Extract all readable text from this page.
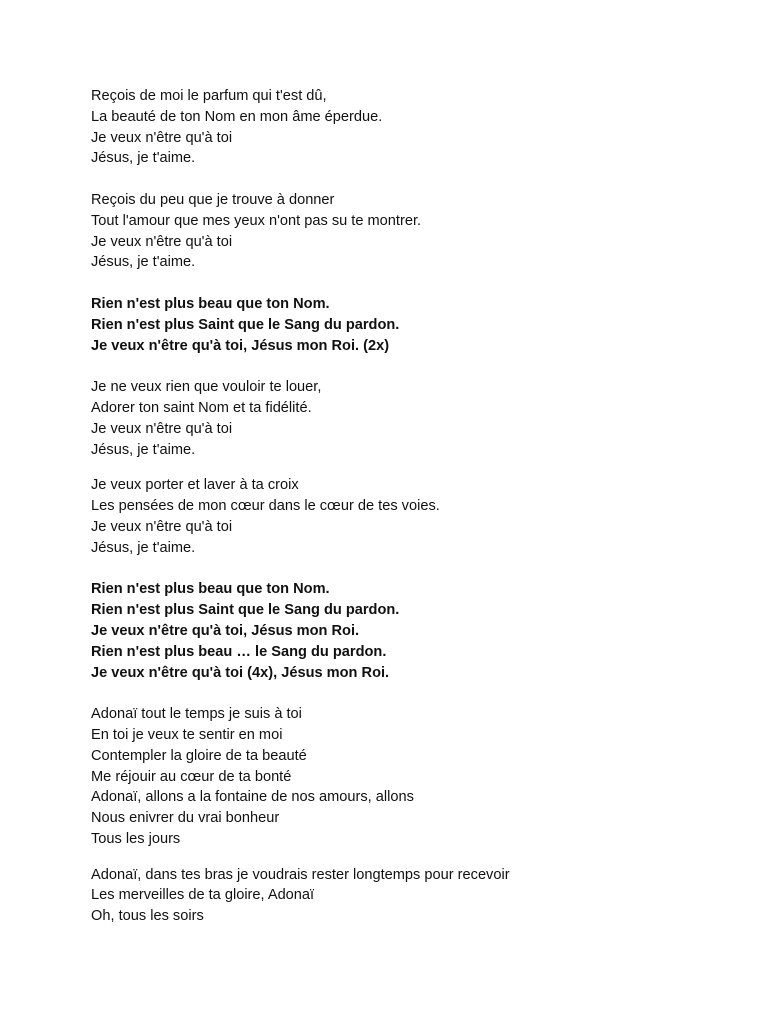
Reçois de moi le parfum qui t'est dû,
La beauté de ton Nom en mon âme éperdue.
Je veux n'être qu'à toi
Jésus, je t'aime.
Reçois du peu que je trouve à donner
Tout l'amour que mes yeux n'ont pas su te montrer.
Je veux n'être qu'à toi
Jésus, je t'aime.
Rien n'est plus beau que ton Nom.
Rien n'est plus Saint que le Sang du pardon.
Je veux n'être qu'à toi, Jésus mon Roi. (2x)
Je ne veux rien que vouloir te louer,
Adorer ton saint Nom et ta fidélité.
Je veux n'être qu'à toi
Jésus, je t'aime.
Je veux porter et laver à ta croix
Les pensées de mon cœur dans le cœur de tes voies.
Je veux n'être qu'à toi
Jésus, je t'aime.
Rien n'est plus beau que ton Nom.
Rien n'est plus Saint que le Sang du pardon.
Je veux n'être qu'à toi, Jésus mon Roi.
Rien n'est plus beau … le Sang du pardon.
Je veux n'être qu'à toi (4x), Jésus mon Roi.
Adonaï tout le temps je suis à toi
En toi je veux te sentir en moi
Contempler la gloire de ta beauté
Me réjouir au cœur de ta bonté
Adonaï, allons a la fontaine de nos amours, allons
Nous enivrer du vrai bonheur
Tous les jours
Adonaï, dans tes bras je voudrais rester longtemps pour recevoir
Les merveilles de ta gloire, Adonaï
Oh, tous les soirs
